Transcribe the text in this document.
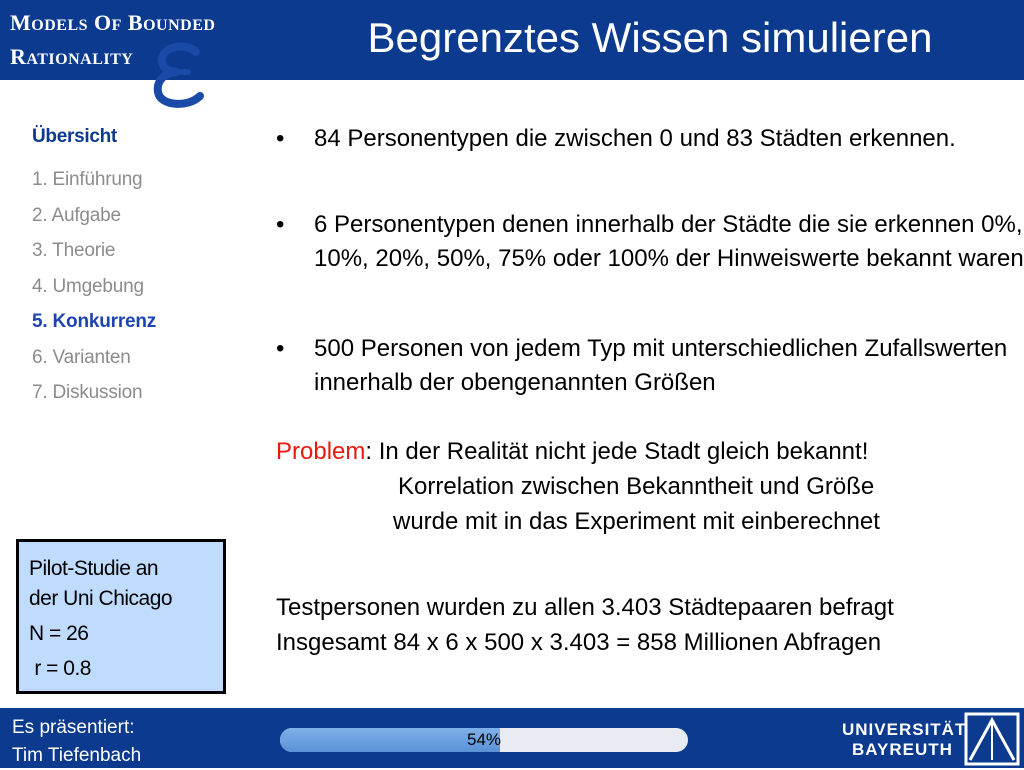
MODELS OF BOUNDED
RATIONALITY	Begrenztes Wissen simulieren
Übersicht
1. Einführung
2. Aufgabe
3. Theorie
4. Umgebung
5. Konkurrenz
6. Varianten
7. Diskussion
Pilot-Studie an
der Uni Chicago
N = 26
r = 0.8
• 84 Personentypen die zwischen 0 und 83 Städten erkennen.
• 6 Personentypen denen innerhalb der Städte die sie erkennen 0%, 10%, 20%, 50%, 75% oder 100% der Hinweiswerte bekannt waren
• 500 Personen von jedem Typ mit unterschiedlichen Zufallswerten innerhalb der obengenannten Größen
Problem: In der Realität nicht jede Stadt gleich bekannt!
Korrelation zwischen Bekanntheit und Größe
wurde mit in das Experiment mit einberechnet
Testpersonen wurden zu allen 3.403 Städtepaaren befragt
Insgesamt 84 x 6 x 500 x 3.403 = 858 Millionen Abfragen
Es präsentiert:
Tim Tiefenbach
54%
UNIVERSITÄT
BAYREUTH
